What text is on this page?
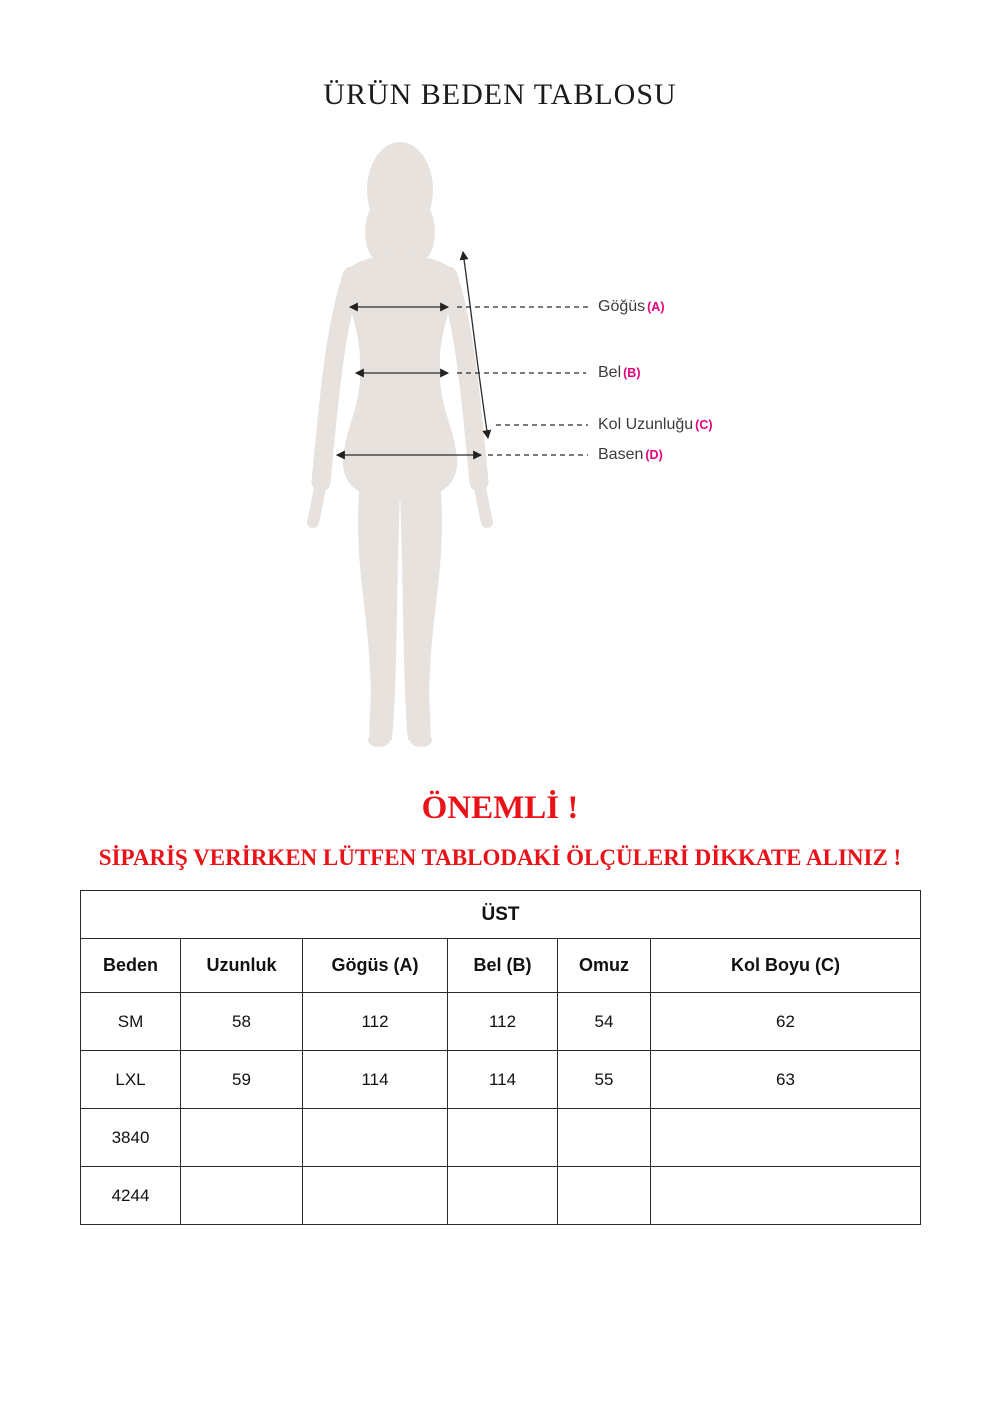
ÜRÜN BEDEN TABLOSU
Göğüs (A)
Bel (B)
Kol Uzunluğu (C)
Basen (D)
ÖNEMLİ !
SİPARİŞ VERİRKEN LÜTFEN TABLODAKİ ÖLÇÜLERİ DİKKATE ALINIZ !
ÜST					
Beden	Uzunluk	Gögüs (A)	Bel (B)	Omuz	Kol Boyu (C)
SM	58	112	112	54	62
LXL	59	114	114	55	63
3840					
4244					
